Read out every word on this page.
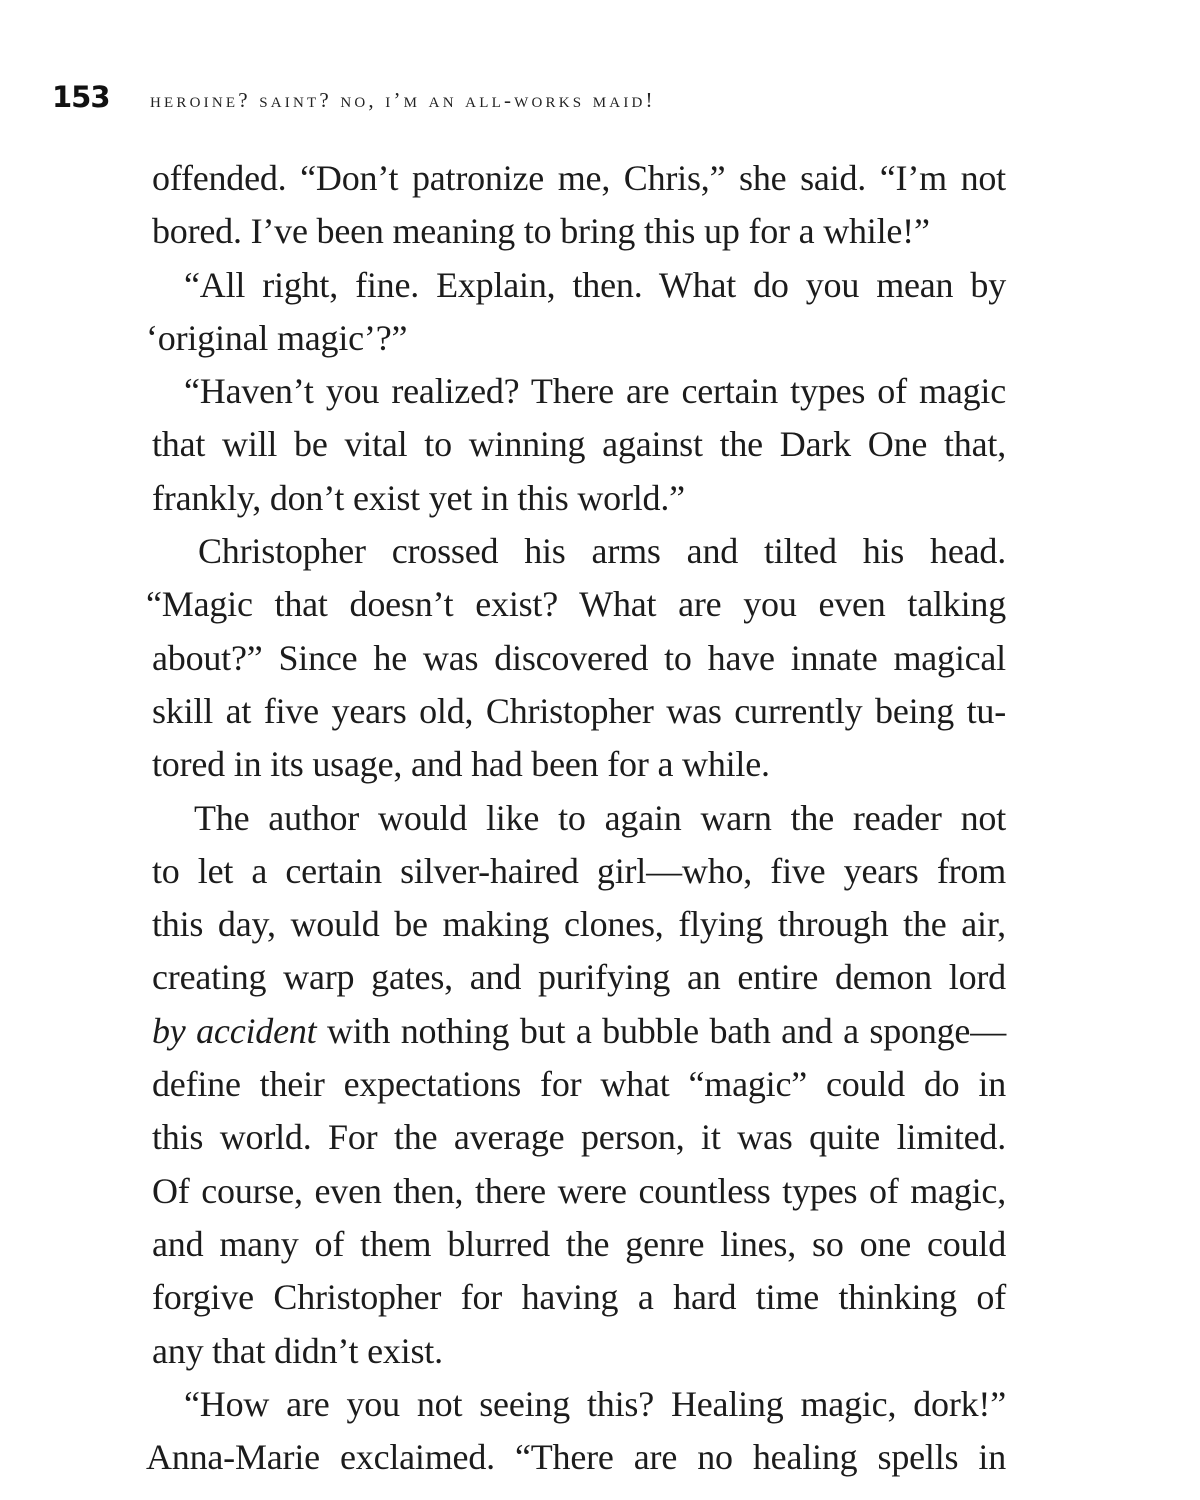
153	heroine? saint? no, i’m an all-works maid!
offended. “Don’t patronize me, Chris,” she said. “I’m not
bored. I’ve been meaning to bring this up for a while!”
“All right, fine. Explain, then. What do you mean by
‘original magic’?”
“Haven’t you realized? There are certain types of magic
that will be vital to winning against the Dark One that,
frankly, don’t exist yet in this world.”
Christopher crossed his arms and tilted his head.
“Magic that doesn’t exist? What are you even talking
about?” Since he was discovered to have innate magical
skill at five years old, Christopher was currently being tu-
tored in its usage, and had been for a while.
The author would like to again warn the reader not
to let a certain silver-haired girl—who, five years from
this day, would be making clones, flying through the air,
creating warp gates, and purifying an entire demon lord
by accident with nothing but a bubble bath and a sponge—
define their expectations for what “magic” could do in
this world. For the average person, it was quite limited.
Of course, even then, there were countless types of magic,
and many of them blurred the genre lines, so one could
forgive Christopher for having a hard time thinking of
any that didn’t exist.
“How are you not seeing this? Healing magic, dork!”
Anna-Marie exclaimed. “There are no healing spells in
